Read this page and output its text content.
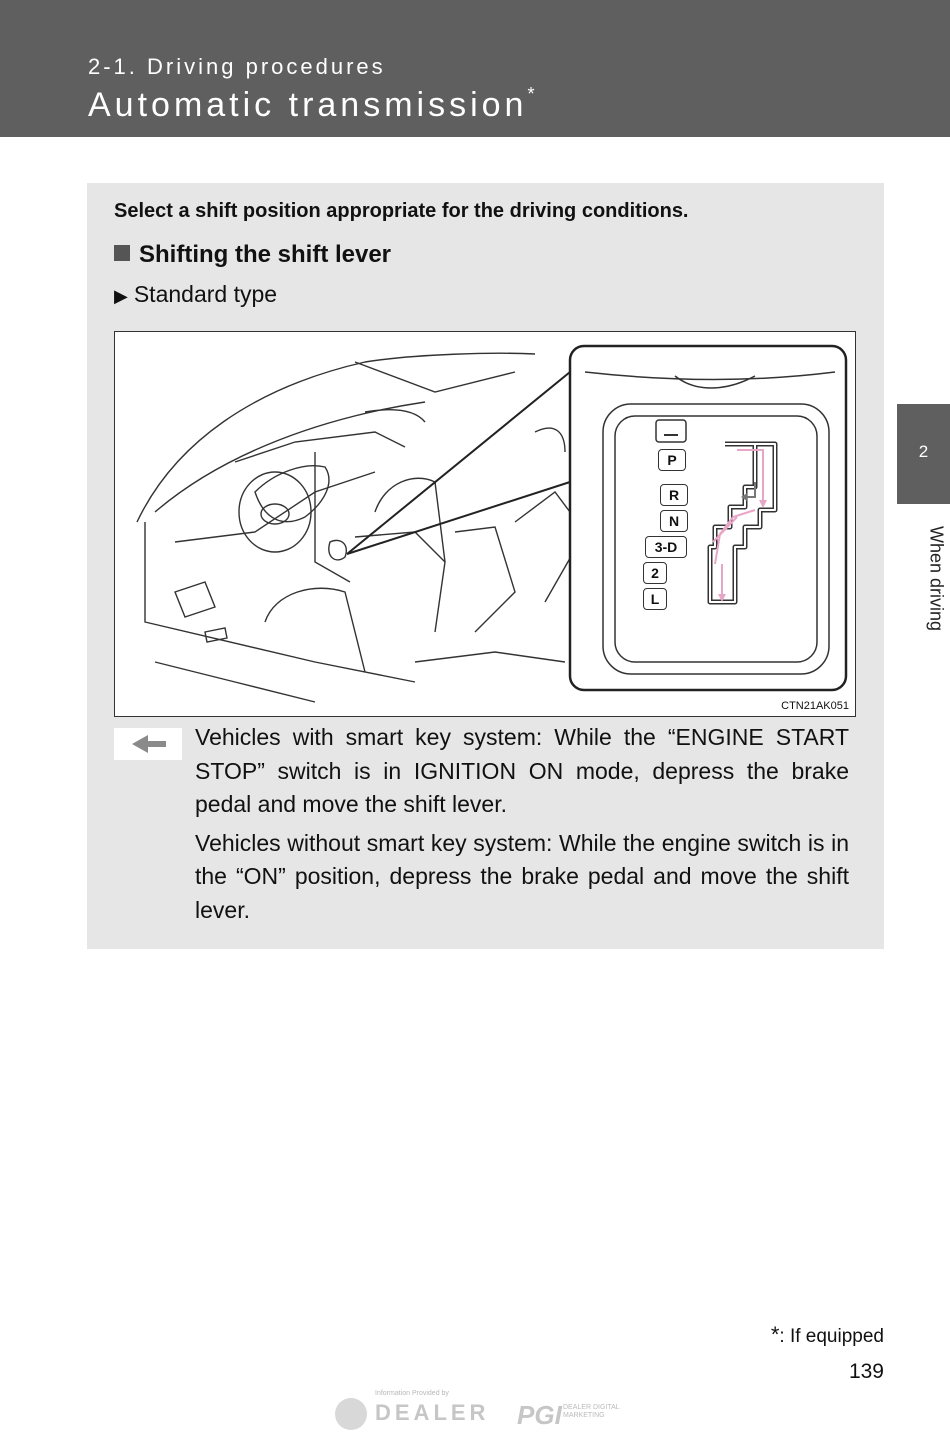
2-1. Driving procedures
Automatic transmission*
2
When driving
Select a shift position appropriate for the driving conditions.
Shifting the shift lever
▶ Standard type
P
R
N
3-D
2
L
CTN21AK051

Vehicles with smart key system: While the “ENGINE START STOP” switch is in IGNITION ON mode, depress the brake pedal and move the shift lever.

Vehicles without smart key system: While the engine switch is in the “ON” position, depress the brake pedal and move the shift lever.

*: If equipped
139
Information Provided by
DEALER PGI DEALER DIGITAL MARKETING
